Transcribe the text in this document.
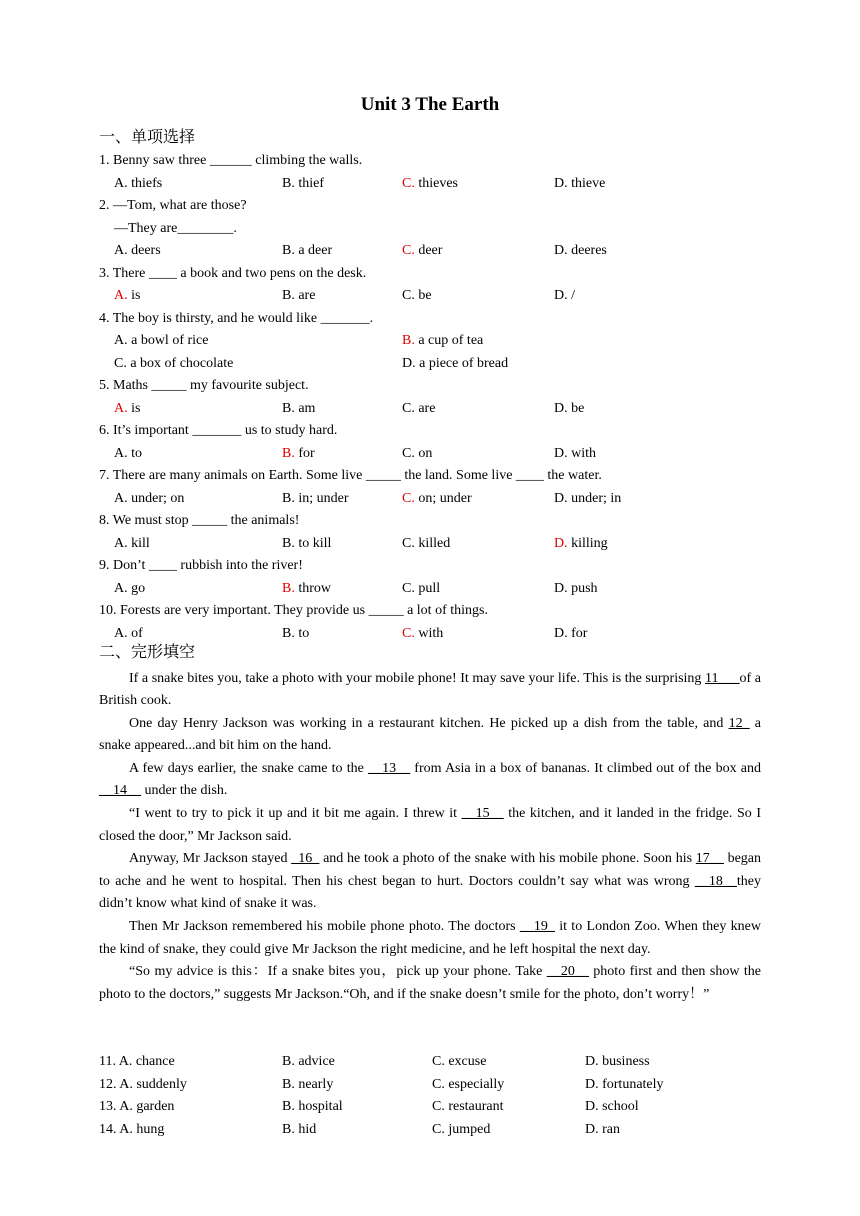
Unit 3 The Earth
一、单项选择
1. Benny saw three ______ climbing the walls.
A. thiefs	B. thief	C. thieves	D. thieve
2. —Tom, what are those?
—They are________.
A. deers	B. a deer	C. deer	D. deeres
3. There ____ a book and two pens on the desk.
A. is	B. are	C. be	D. /
4. The boy is thirsty, and he would like _______.
A. a bowl of rice	B. a cup of tea
C. a box of chocolate	D. a piece of bread
5. Maths _____ my favourite subject.
A. is	B. am	C. are	D. be
6. It’s important _______ us to study hard.
A. to	B. for	C. on	D. with
7. There are many animals on Earth. Some live _____ the land. Some live ____ the water.
A. under; on	B. in; under	C. on; under	D. under; in
8. We must stop _____ the animals!
A. kill	B. to kill	C. killed	D. killing
9. Don’t ____ rubbish into the river!
A. go	B. throw	C. pull	D. push
10. Forests are very important. They provide us _____ a lot of things.
A. of	B. to	C. with	D. for
二、完形填空

If a snake bites you, take a photo with your mobile phone! It may save your life. This is the surprising 11___of a British cook.

One day Henry Jackson was working in a restaurant kitchen. He picked up a dish from the table, and 12_ a snake appeared...and bit him on the hand.

A few days earlier, the snake came to the __13__ from Asia in a box of bananas. It climbed out of the box and __14__ under the dish.

“I went to try to pick it up and it bit me again. I threw it __15__ the kitchen, and it landed in the fridge. So I closed the door,” Mr Jackson said.

Anyway, Mr Jackson stayed _16_ and he took a photo of the snake with his mobile phone. Soon his 17__ began to ache and he went to hospital. Then his chest began to hurt. Doctors couldn’t say what was wrong __18__they didn’t know what kind of snake it was.

Then Mr Jackson remembered his mobile phone photo. The doctors __19_ it to London Zoo. When they knew the kind of snake, they could give Mr Jackson the right medicine, and he left hospital the next day.

“So my advice is this：If a snake bites you，pick up your phone. Take __20__ photo first and then show the photo to the doctors,” suggests Mr Jackson.“Oh, and if the snake doesn’t smile for the photo, don’t worry！”

11. A. chance	B. advice	C. excuse	D. business
12. A. suddenly	B. nearly	C. especially	D. fortunately
13. A. garden	B. hospital	C. restaurant	D. school
14. A. hung	B. hid	C. jumped	D. ran
